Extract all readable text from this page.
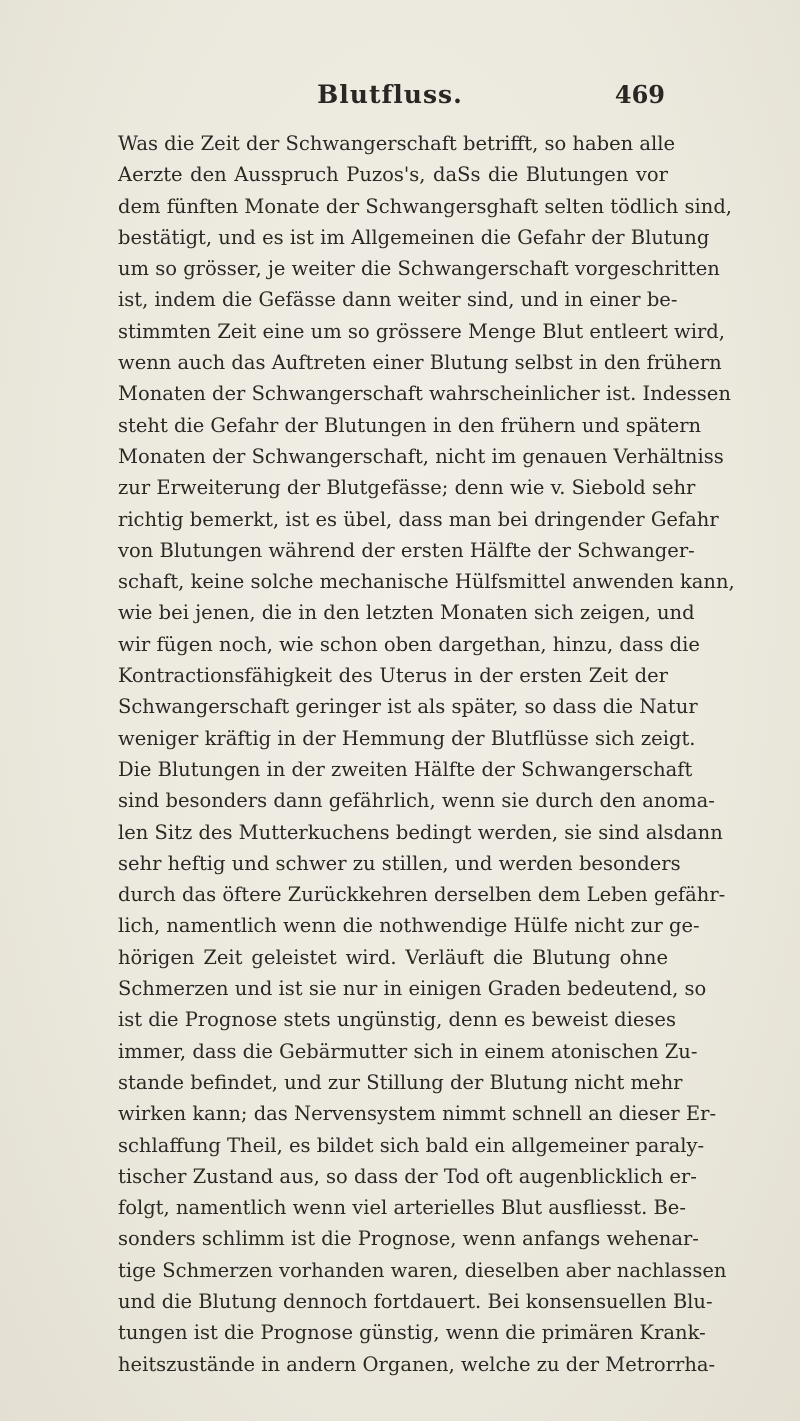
Blutfluss.	469
Was die Zeit der Schwangerschaft betrifft, so haben alle
Aerzte den Ausspruch Puzos's, daSs die Blutungen vor
dem fünften Monate der Schwangersghaft selten tödlich sind,
bestätigt, und es ist im Allgemeinen die Gefahr der Blutung
um so grösser, je weiter die Schwangerschaft vorgeschritten
ist, indem die Gefässe dann weiter sind, und in einer be-
stimmten Zeit eine um so grössere Menge Blut entleert wird,
wenn auch das Auftreten einer Blutung selbst in den frühern
Monaten der Schwangerschaft wahrscheinlicher ist. Indessen
steht die Gefahr der Blutungen in den frühern und spätern
Monaten der Schwangerschaft, nicht im genauen Verhältniss
zur Erweiterung der Blutgefässe; denn wie v. Siebold sehr
richtig bemerkt, ist es übel, dass man bei dringender Gefahr
von Blutungen während der ersten Hälfte der Schwanger-
schaft, keine solche mechanische Hülfsmittel anwenden kann,
wie bei jenen, die in den letzten Monaten sich zeigen, und
wir fügen noch, wie schon oben dargethan, hinzu, dass die
Kontractionsfähigkeit des Uterus in der ersten Zeit der
Schwangerschaft geringer ist als später, so dass die Natur
weniger kräftig in der Hemmung der Blutflüsse sich zeigt.
Die Blutungen in der zweiten Hälfte der Schwangerschaft
sind besonders dann gefährlich, wenn sie durch den anoma-
len Sitz des Mutterkuchens bedingt werden, sie sind alsdann
sehr heftig und schwer zu stillen, und werden besonders
durch das öftere Zurückkehren derselben dem Leben gefähr-
lich, namentlich wenn die nothwendige Hülfe nicht zur ge-
hörigen Zeit geleistet wird. Verläuft die Blutung ohne
Schmerzen und ist sie nur in einigen Graden bedeutend, so
ist die Prognose stets ungünstig, denn es beweist dieses
immer, dass die Gebärmutter sich in einem atonischen Zu-
stande befindet, und zur Stillung der Blutung nicht mehr
wirken kann; das Nervensystem nimmt schnell an dieser Er-
schlaffung Theil, es bildet sich bald ein allgemeiner paraly-
tischer Zustand aus, so dass der Tod oft augenblicklich er-
folgt, namentlich wenn viel arterielles Blut ausfliesst. Be-
sonders schlimm ist die Prognose, wenn anfangs wehenar-
tige Schmerzen vorhanden waren, dieselben aber nachlassen
und die Blutung dennoch fortdauert. Bei konsensuellen Blu-
tungen ist die Prognose günstig, wenn die primären Krank-
heitszustände in andern Organen, welche zu der Metrorrha-
